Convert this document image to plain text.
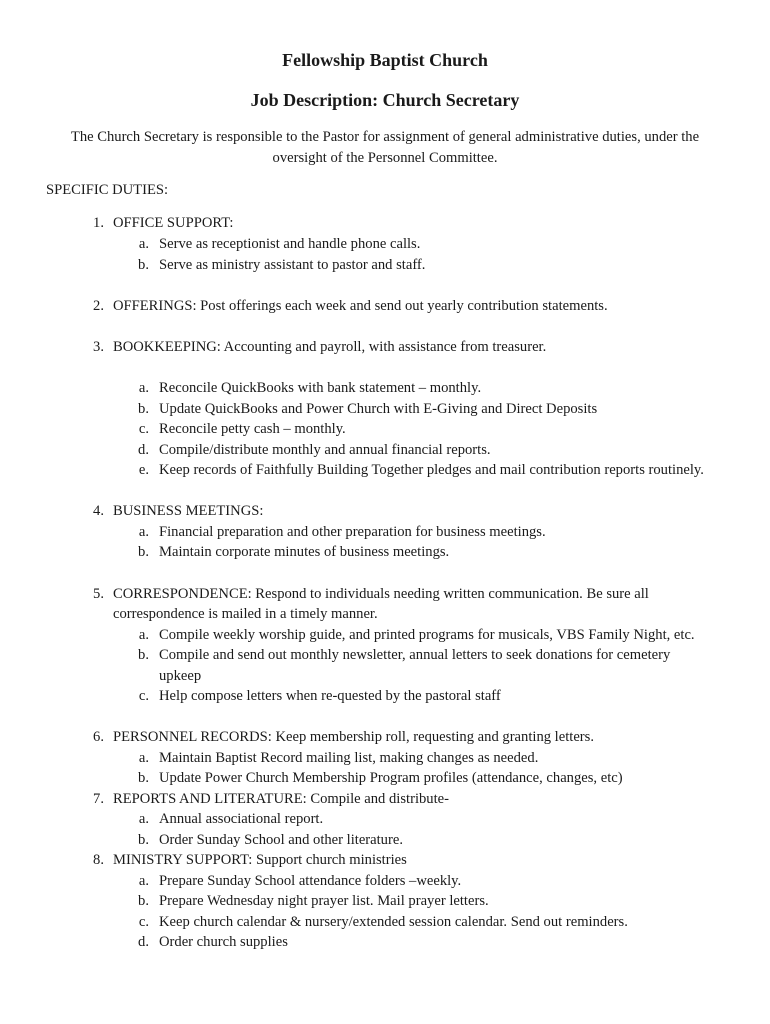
Fellowship Baptist Church
Job Description: Church Secretary
The Church Secretary is responsible to the Pastor for assignment of general administrative duties, under the
oversight of the Personnel Committee.
SPECIFIC DUTIES:
1. OFFICE SUPPORT:
a. Serve as receptionist and handle phone calls.
b. Serve as ministry assistant to pastor and staff.
2. OFFERINGS: Post offerings each week and send out yearly contribution statements.
3. BOOKKEEPING: Accounting and payroll, with assistance from treasurer.
a. Reconcile QuickBooks with bank statement – monthly.
b. Update QuickBooks and Power Church with E-Giving and Direct Deposits
c. Reconcile petty cash – monthly.
d. Compile/distribute monthly and annual financial reports.
e. Keep records of Faithfully Building Together pledges and mail contribution reports routinely.
4. BUSINESS MEETINGS:
a. Financial preparation and other preparation for business meetings.
b. Maintain corporate minutes of business meetings.
5. CORRESPONDENCE: Respond to individuals needing written communication. Be sure all
correspondence is mailed in a timely manner.
a. Compile weekly worship guide, and printed programs for musicals, VBS Family Night, etc.
b. Compile and send out monthly newsletter, annual letters to seek donations for cemetery
upkeep
c. Help compose letters when re-quested by the pastoral staff
6. PERSONNEL RECORDS: Keep membership roll, requesting and granting letters.
a. Maintain Baptist Record mailing list, making changes as needed.
b. Update Power Church Membership Program profiles (attendance, changes, etc)
7. REPORTS AND LITERATURE: Compile and distribute-
a. Annual associational report.
b. Order Sunday School and other literature.
8. MINISTRY SUPPORT: Support church ministries
a. Prepare Sunday School attendance folders –weekly.
b. Prepare Wednesday night prayer list. Mail prayer letters.
c. Keep church calendar & nursery/extended session calendar. Send out reminders.
d. Order church supplies
